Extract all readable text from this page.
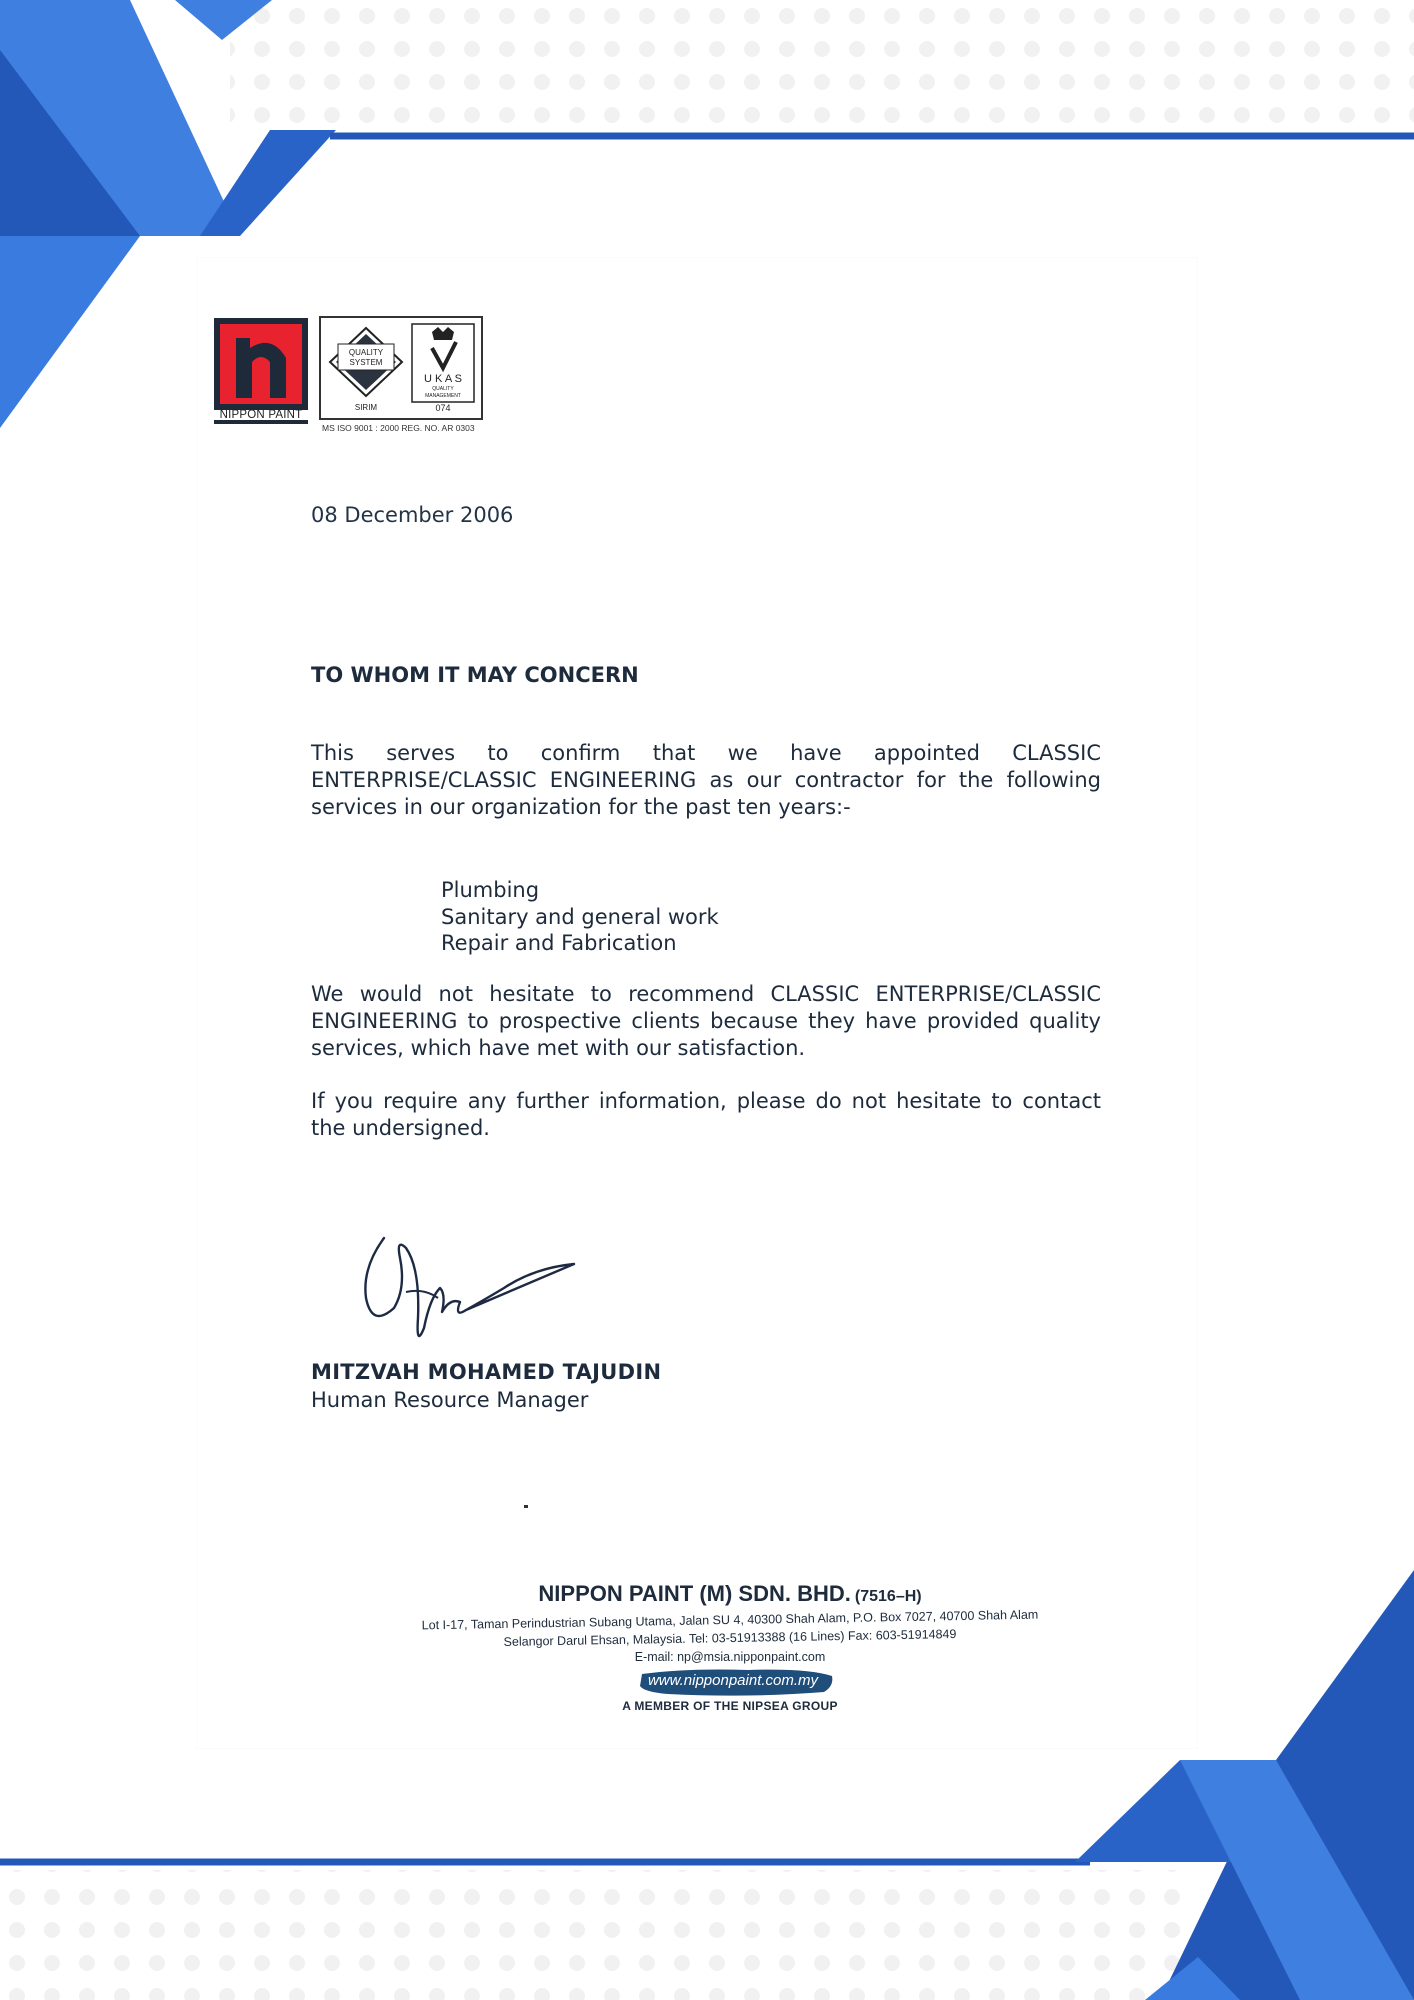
NIPPON PAINT
QUALITY
SYSTEM
SIRIM
U K A S
QUALITY
MANAGEMENT
074
MS ISO 9001 : 2000 REG. NO. AR 0303
08 December 2006
TO WHOM IT MAY CONCERN
This serves to confirm that we have appointed CLASSIC ENTERPRISE/CLASSIC ENGINEERING as our contractor for the following services in our organization for the past ten years:-
Plumbing
Sanitary and general work
Repair and Fabrication
We would not hesitate to recommend CLASSIC ENTERPRISE/CLASSIC ENGINEERING to prospective clients because they have provided quality services, which have met with our satisfaction.
If you require any further information, please do not hesitate to contact the undersigned.
MITZVAH MOHAMED TAJUDIN
Human Resource Manager
NIPPON PAINT (M) SDN. BHD. (7516–H)
Lot I-17, Taman Perindustrian Subang Utama, Jalan SU 4, 40300 Shah Alam, P.O. Box 7027, 40700 Shah Alam
Selangor Darul Ehsan, Malaysia. Tel: 03-51913388 (16 Lines) Fax: 603-51914849
E-mail: np@msia.nipponpaint.com
www.nipponpaint.com.my
A MEMBER OF THE NIPSEA GROUP
